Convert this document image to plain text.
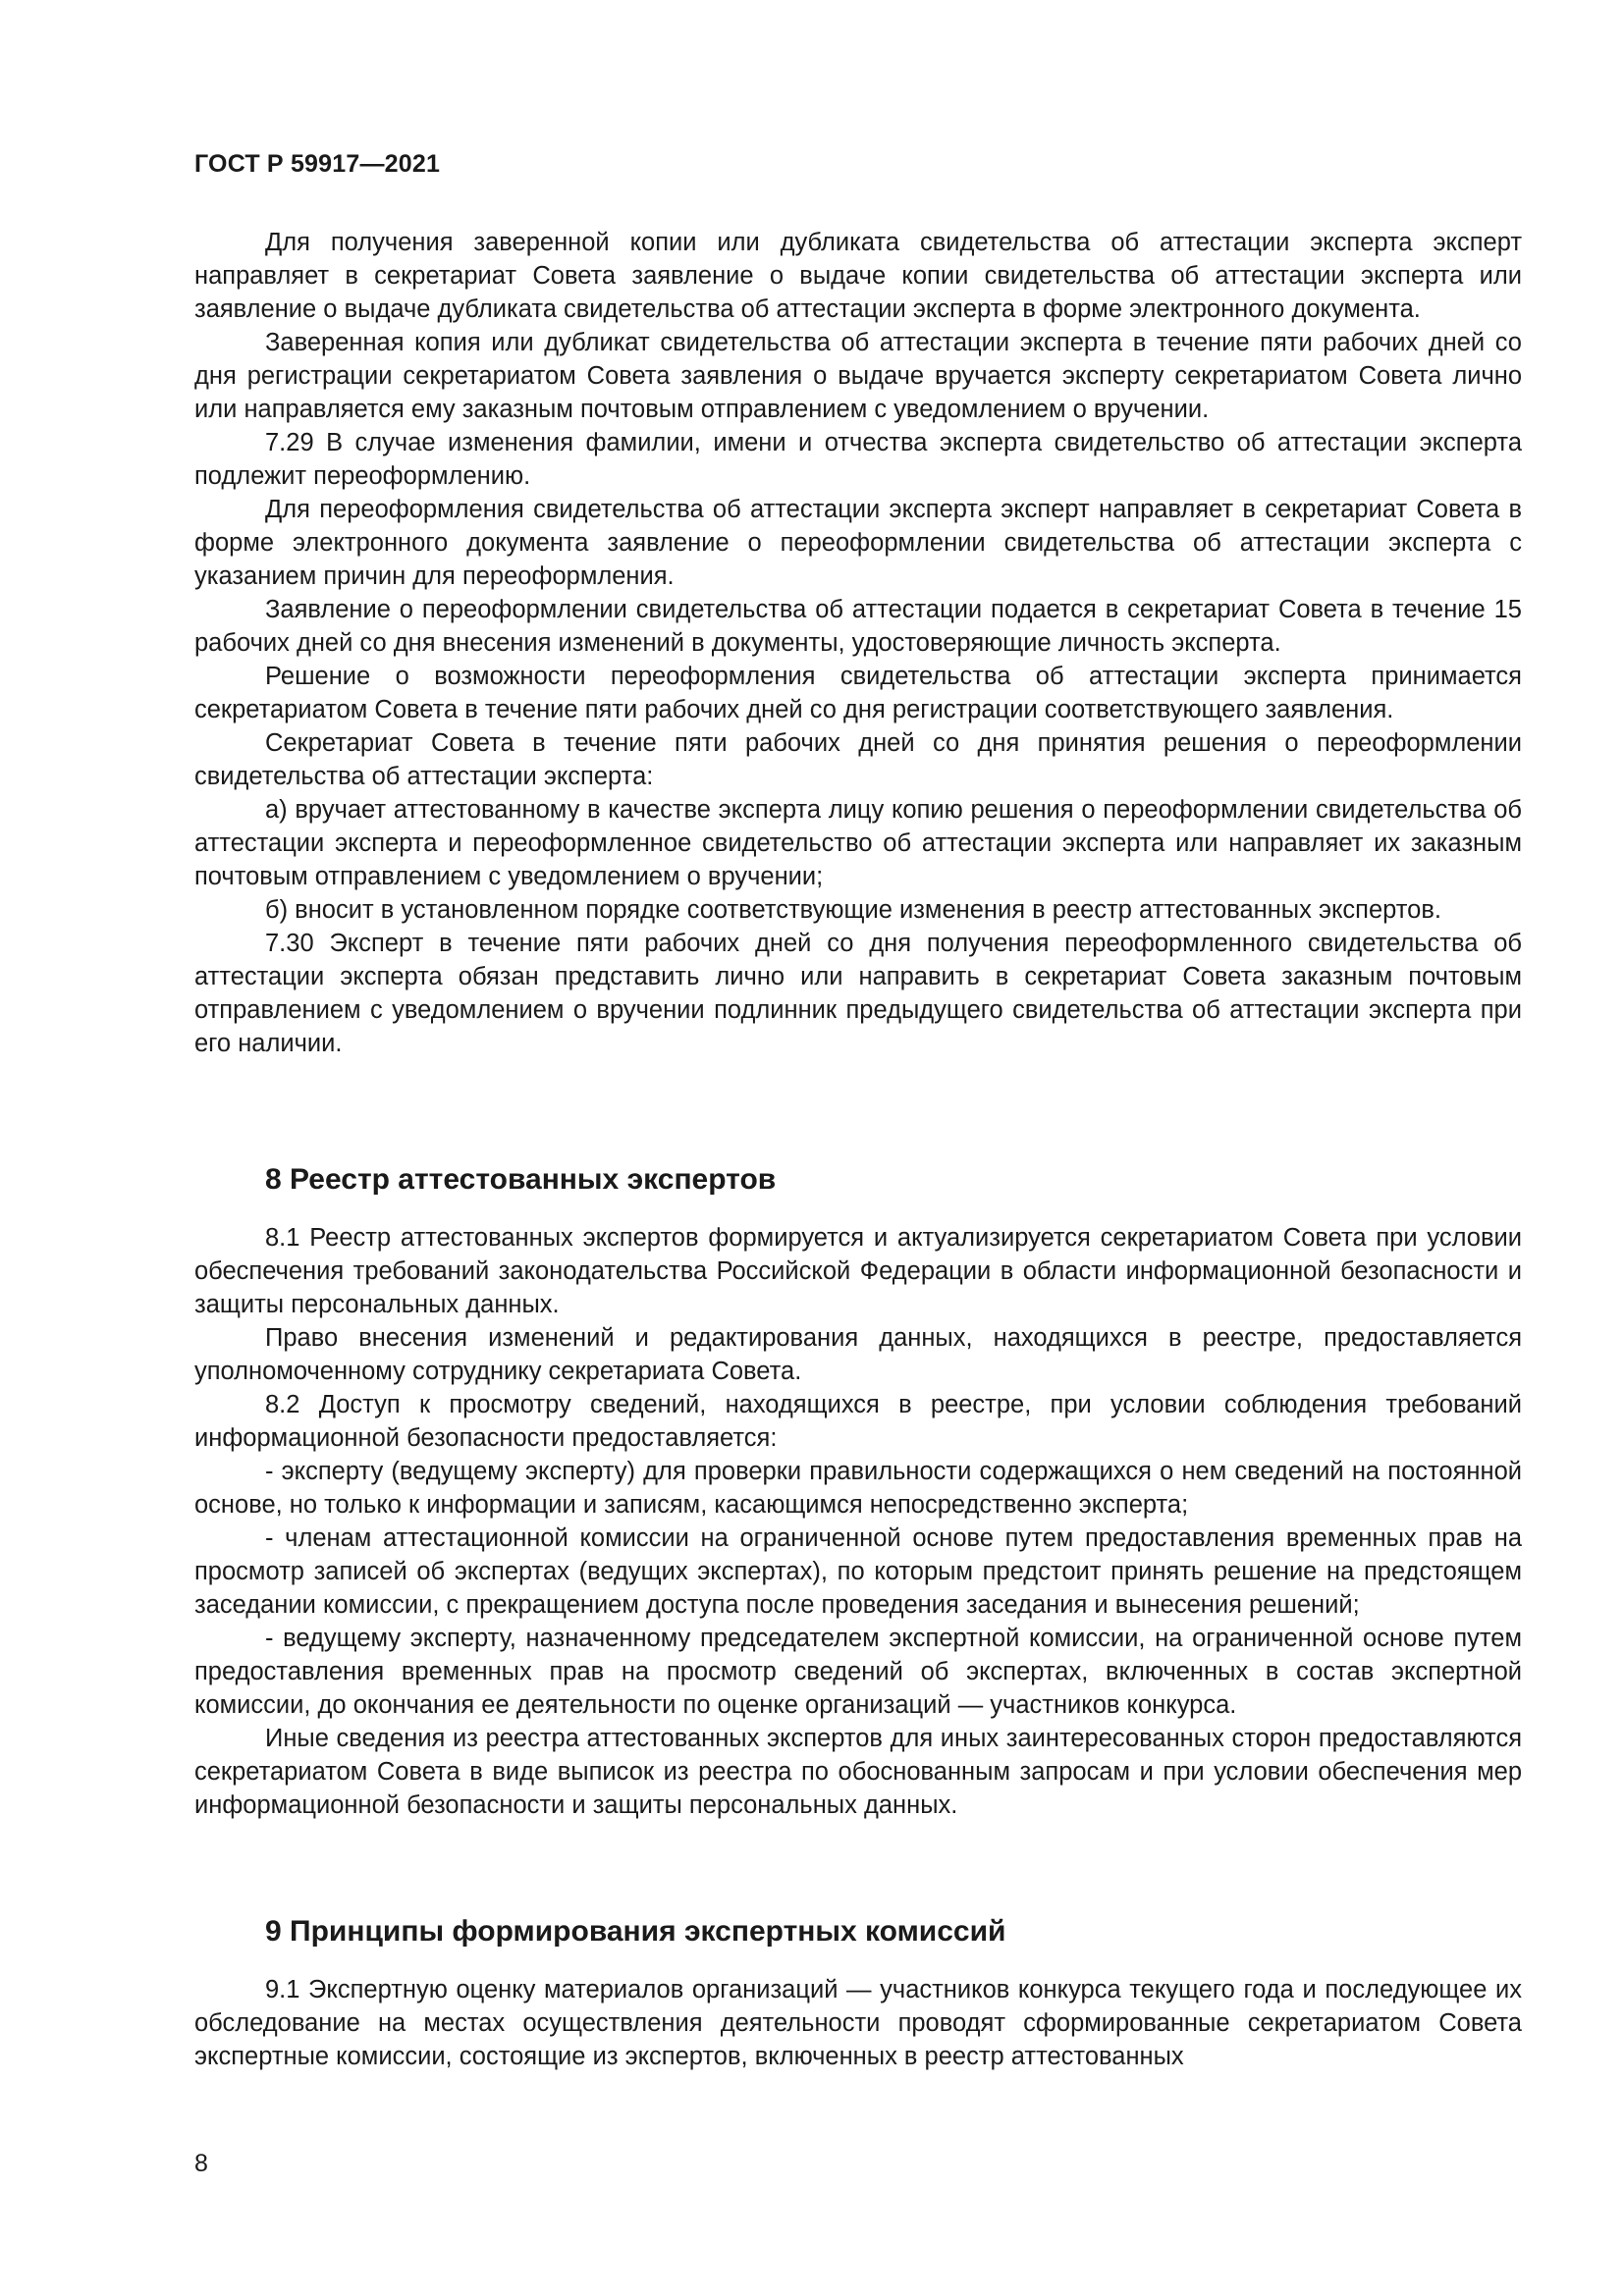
ГОСТ Р 59917—2021

Для получения заверенной копии или дубликата свидетельства об аттестации эксперта эксперт направляет в секретариат Совета заявление о выдаче копии свидетельства об аттестации эксперта или заявление о выдаче дубликата свидетельства об аттестации эксперта в форме электронного документа.

Заверенная копия или дубликат свидетельства об аттестации эксперта в течение пяти рабочих дней со дня регистрации секретариатом Совета заявления о выдаче вручается эксперту секретариатом Совета лично или направляется ему заказным почтовым отправлением с уведомлением о вручении.

7.29 В случае изменения фамилии, имени и отчества эксперта свидетельство об аттестации эксперта подлежит переоформлению.

Для переоформления свидетельства об аттестации эксперта эксперт направляет в секретариат Совета в форме электронного документа заявление о переоформлении свидетельства об аттестации эксперта с указанием причин для переоформления.

Заявление о переоформлении свидетельства об аттестации подается в секретариат Совета в течение 15 рабочих дней со дня внесения изменений в документы, удостоверяющие личность эксперта.

Решение о возможности переоформления свидетельства об аттестации эксперта принимается секретариатом Совета в течение пяти рабочих дней со дня регистрации соответствующего заявления.

Секретариат Совета в течение пяти рабочих дней со дня принятия решения о переоформлении свидетельства об аттестации эксперта:

а) вручает аттестованному в качестве эксперта лицу копию решения о переоформлении свидетельства об аттестации эксперта и переоформленное свидетельство об аттестации эксперта или направляет их заказным почтовым отправлением с уведомлением о вручении;

б) вносит в установленном порядке соответствующие изменения в реестр аттестованных экспертов.

7.30 Эксперт в течение пяти рабочих дней со дня получения переоформленного свидетельства об аттестации эксперта обязан представить лично или направить в секретариат Совета заказным почтовым отправлением с уведомлением о вручении подлинник предыдущего свидетельства об аттестации эксперта при его наличии.

8 Реестр аттестованных экспертов

8.1 Реестр аттестованных экспертов формируется и актуализируется секретариатом Совета при условии обеспечения требований законодательства Российской Федерации в области информационной безопасности и защиты персональных данных.

Право внесения изменений и редактирования данных, находящихся в реестре, предоставляется уполномоченному сотруднику секретариата Совета.

8.2 Доступ к просмотру сведений, находящихся в реестре, при условии соблюдения требований информационной безопасности предоставляется:

- эксперту (ведущему эксперту) для проверки правильности содержащихся о нем сведений на постоянной основе, но только к информации и записям, касающимся непосредственно эксперта;

- членам аттестационной комиссии на ограниченной основе путем предоставления временных прав на просмотр записей об экспертах (ведущих экспертах), по которым предстоит принять решение на предстоящем заседании комиссии, с прекращением доступа после проведения заседания и вынесения решений;

- ведущему эксперту, назначенному председателем экспертной комиссии, на ограниченной основе путем предоставления временных прав на просмотр сведений об экспертах, включенных в состав экспертной комиссии, до окончания ее деятельности по оценке организаций — участников конкурса.

Иные сведения из реестра аттестованных экспертов для иных заинтересованных сторон предоставляются секретариатом Совета в виде выписок из реестра по обоснованным запросам и при условии обеспечения мер информационной безопасности и защиты персональных данных.

9 Принципы формирования экспертных комиссий

9.1 Экспертную оценку материалов организаций — участников конкурса текущего года и последующее их обследование на местах осуществления деятельности проводят сформированные секретариатом Совета экспертные комиссии, состоящие из экспертов, включенных в реестр аттестованных

8
